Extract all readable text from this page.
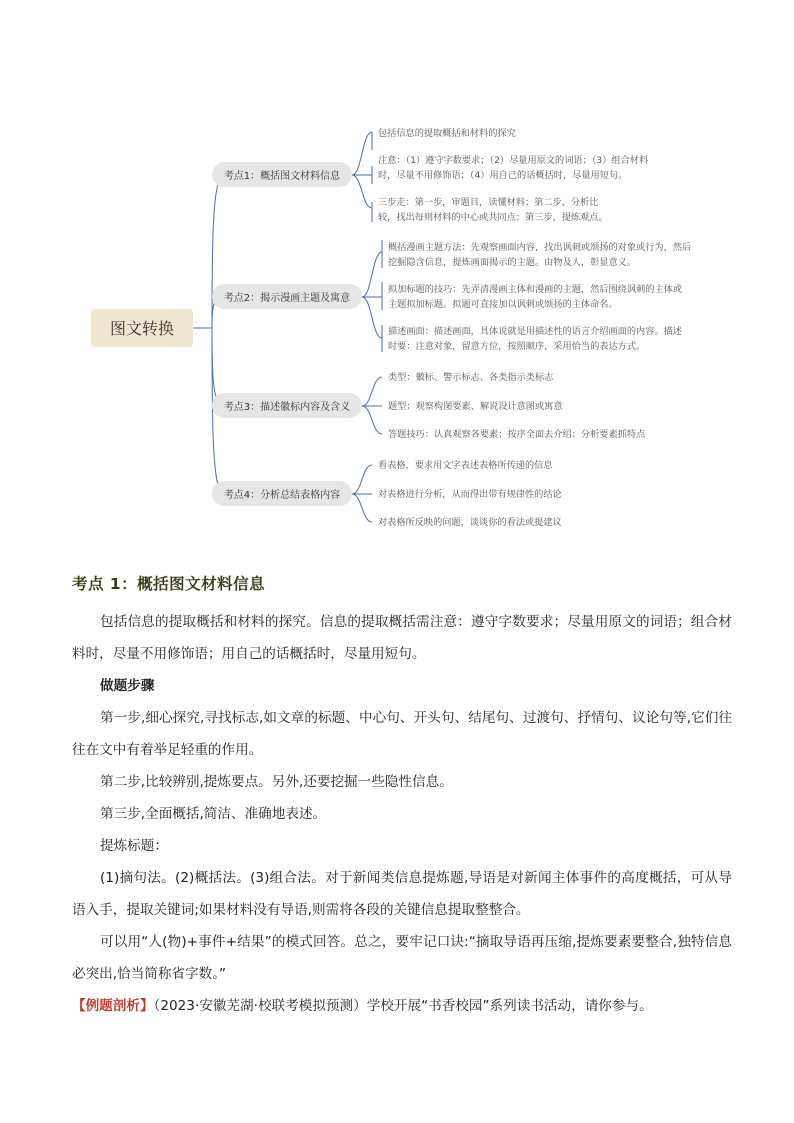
图文转换
考点1：概括图文材料信息
包括信息的提取概括和材料的探究
注意：（1）遵守字数要求；（2）尽量用原文的词语；（3）组合材料
时，尽量不用修饰语；（4）用自己的话概括时，尽量用短句。
三步走：第一步，审题目，读懂材料；第二步，分析比
较，找出每则材料的中心或共同点；第三步，提炼观点。
考点2：揭示漫画主题及寓意
概括漫画主题方法：先观察画面内容，找出讽刺或颂扬的对象或行为，然后
挖掘隐含信息，提炼画面揭示的主题。由物及人，彰显意义。
拟加标题的技巧：先弄清漫画主体和漫画的主题，然后围绕讽刺的主体或
主题拟加标题。拟题可直接加以讽刺或颂扬的主体命名。
描述画面：描述画面，具体说就是用描述性的语言介绍画面的内容。描述
时要：注意对象，留意方位，按照顺序，采用恰当的表达方式。
考点3：描述徽标内容及含义
类型：徽标、警示标志、各类指示类标志
题型：观察构图要素、解说设计意图或寓意
答题技巧：认真观察各要素；按序全面去介绍；分析要素抓特点
考点4：分析总结表格内容
看表格，要求用文字表述表格所传递的信息
对表格进行分析，从而得出带有规律性的结论
对表格所反映的问题，谈谈你的看法或提建议
考点 1：概括图文材料信息

包括信息的提取概括和材料的探究。信息的提取概括需注意：遵守字数要求；尽量用原文的词语；组合材料时，尽量不用修饰语；用自己的话概括时，尽量用短句。

做题步骤

第一步,细心探究,寻找标志,如文章的标题、中心句、开头句、结尾句、过渡句、抒情句、议论句等,它们往往在文中有着举足轻重的作用。

第二步,比较辨别,提炼要点。另外,还要挖掘一些隐性信息。

第三步,全面概括,简洁、准确地表述。

提炼标题：

(1)摘句法。(2)概括法。(3)组合法。对于新闻类信息提炼题,导语是对新闻主体事件的高度概括，可从导语入手，提取关键词;如果材料没有导语,则需将各段的关键信息提取整整合。

可以用“人(物)+事件+结果”的模式回答。总之，要牢记口诀:“摘取导语再压缩,提炼要素要整合,独特信息必突出,恰当简称省字数。”

【例题剖析】（2023·安徽芜湖·校联考模拟预测）学校开展“书香校园”系列读书活动，请你参与。
